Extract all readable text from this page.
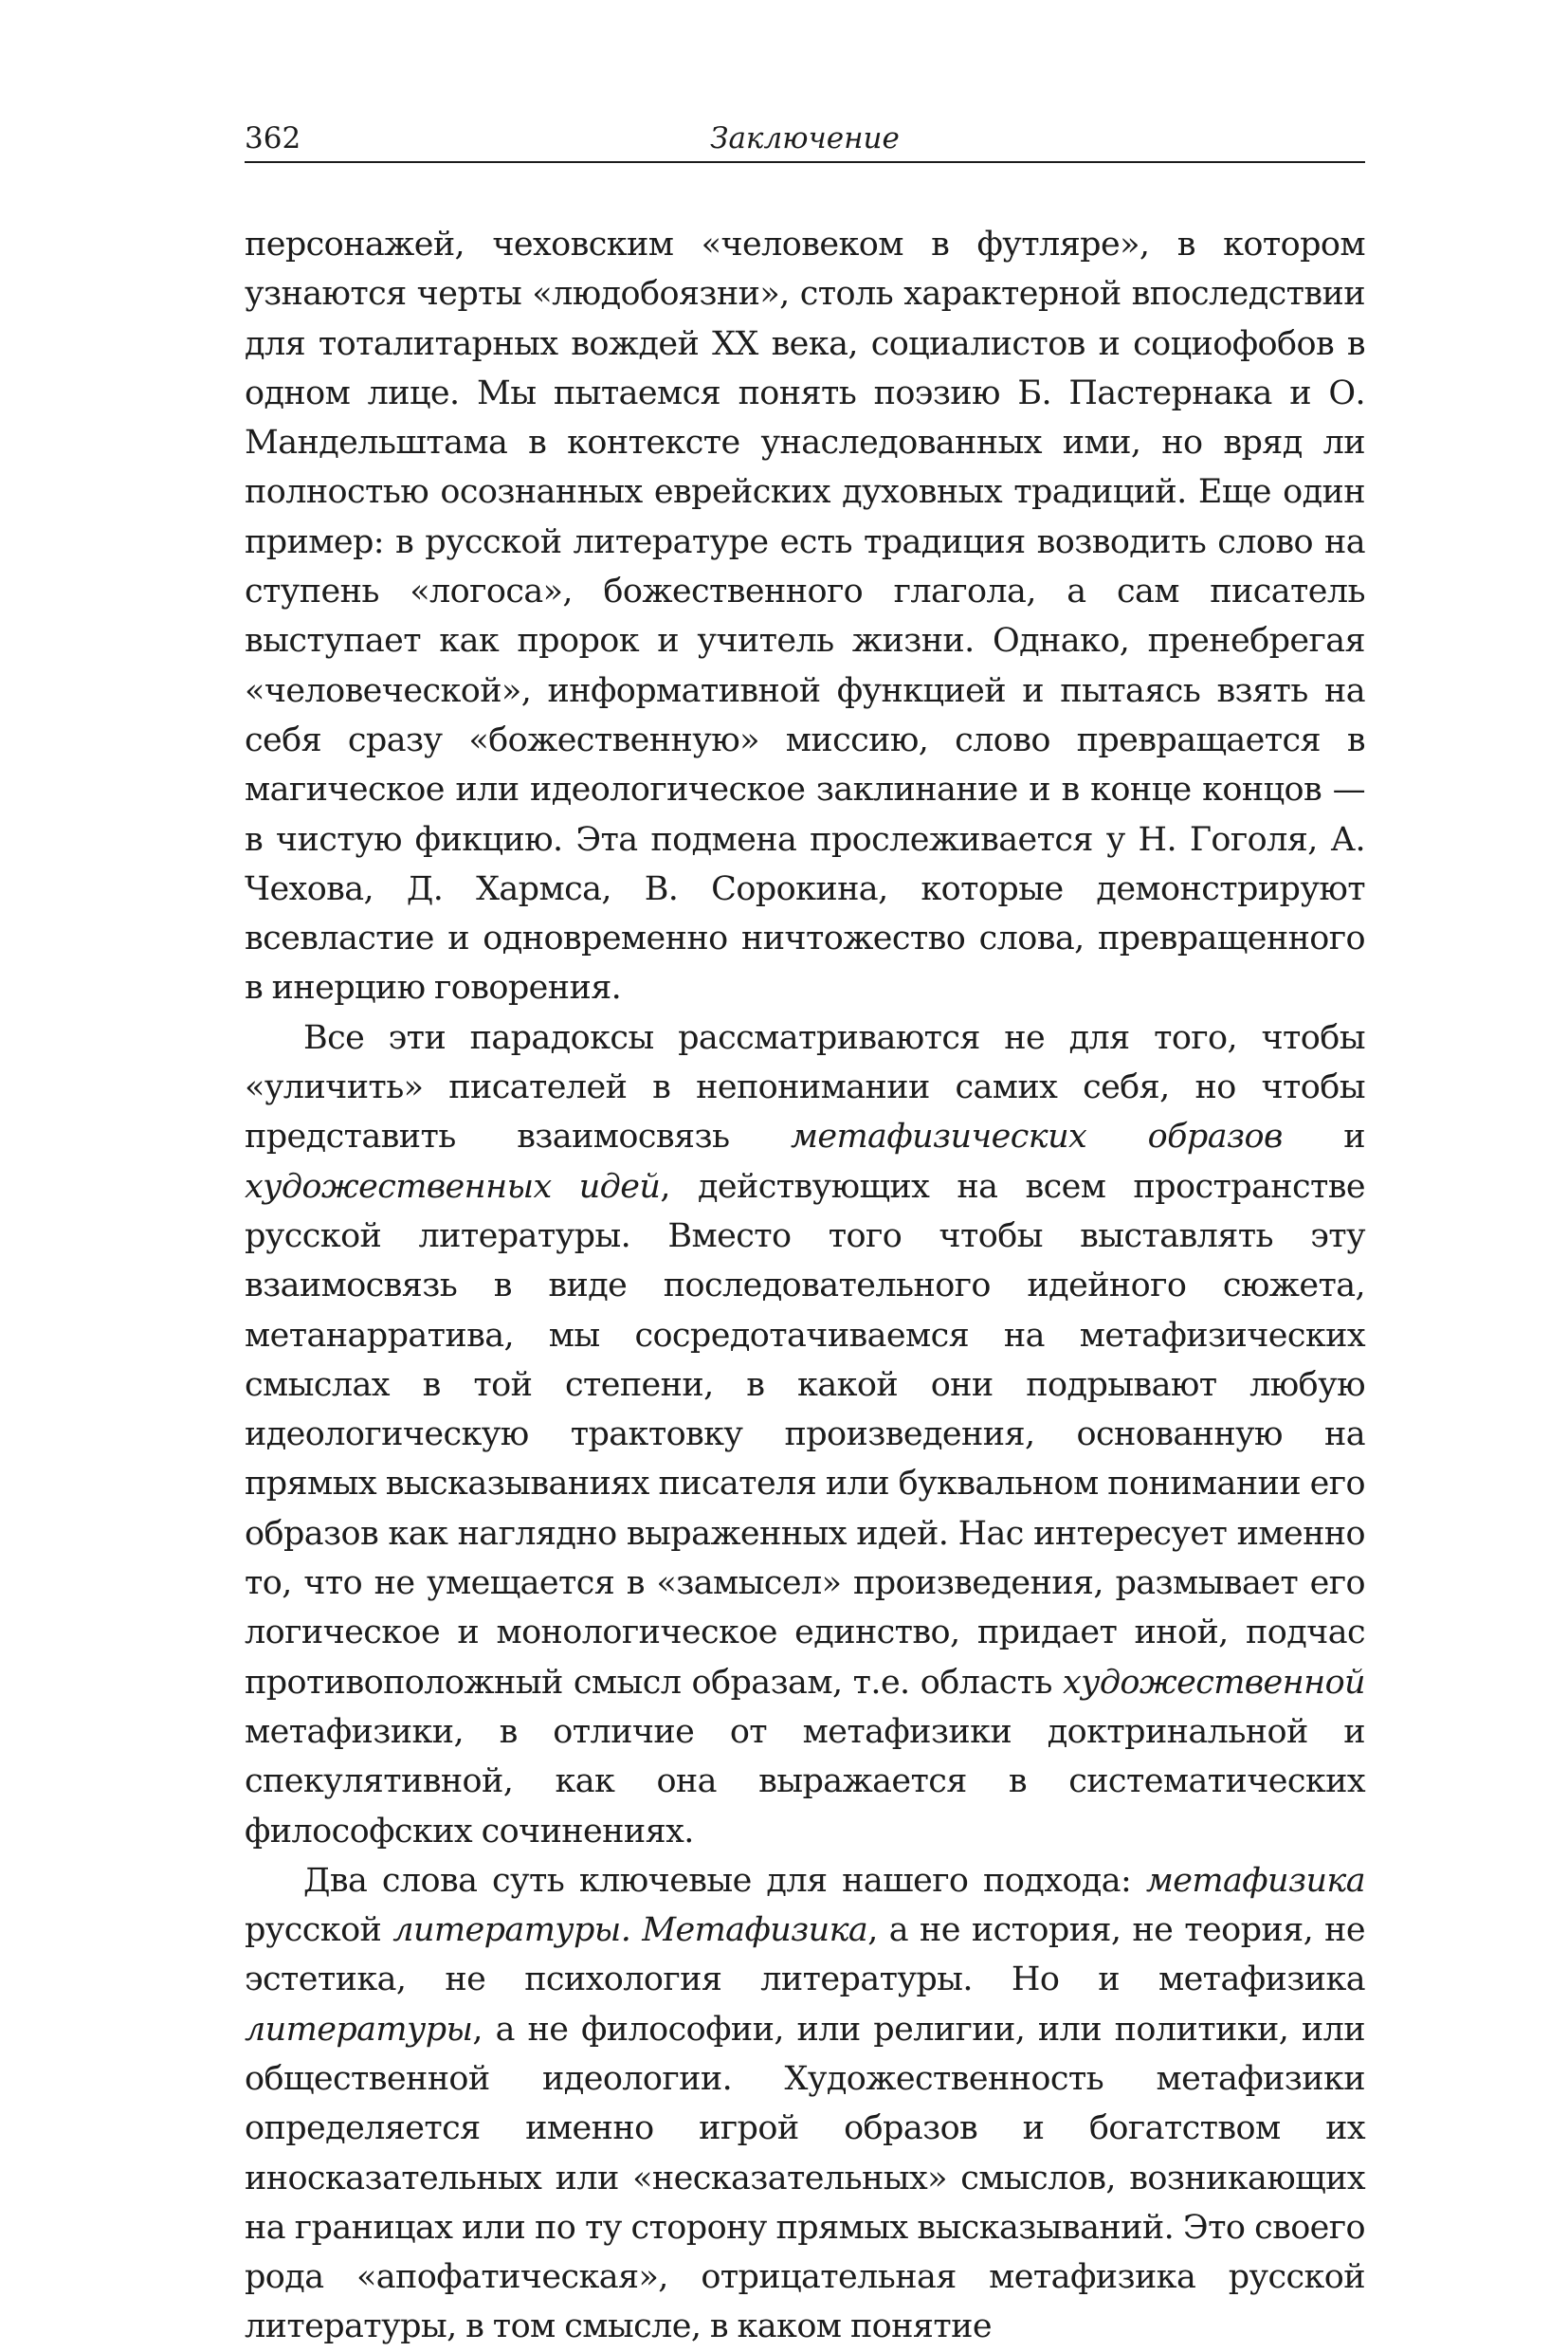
362	Заключение

персонажей, чеховским «человеком в футляре», в котором узнаются черты «людобоязни», столь характерной впоследствии для тоталитарных вождей XX века, социалистов и социофобов в одном лице. Мы пытаемся понять поэзию Б. Пастернака и О. Мандельштама в контексте унаследованных ими, но вряд ли полностью осознанных еврейских духовных традиций. Еще один пример: в русской литературе есть традиция возводить слово на ступень «логоса», божественного глагола, а сам писатель выступает как пророк и учитель жизни. Однако, пренебрегая «человеческой», информативной функцией и пытаясь взять на себя сразу «божественную» миссию, слово превращается в магическое или идеологическое заклинание и в конце концов — в чистую фикцию. Эта подмена прослеживается у Н. Гоголя, А. Чехова, Д. Хармса, В. Сорокина, которые демонстрируют всевластие и одновременно ничтожество слова, превращенного в инерцию говорения.

Все эти парадоксы рассматриваются не для того, чтобы «уличить» писателей в непонимании самих себя, но чтобы представить взаимосвязь метафизических образов и художественных идей, действующих на всем пространстве русской литературы. Вместо того чтобы выставлять эту взаимосвязь в виде последовательного идейного сюжета, метанарратива, мы сосредотачиваемся на метафизических смыслах в той степени, в какой они подрывают любую идеологическую трактовку произведения, основанную на прямых высказываниях писателя или буквальном понимании его образов как наглядно выраженных идей. Нас интересует именно то, что не умещается в «замысел» произведения, размывает его логическое и монологическое единство, придает иной, подчас противоположный смысл образам, т.е. область художественной метафизики, в отличие от метафизики доктринальной и спекулятивной, как она выражается в систематических философских сочинениях.

Два слова суть ключевые для нашего подхода: метафизика русской литературы. Метафизика, а не история, не теория, не эстетика, не психология литературы. Но и метафизика литературы, а не философии, или религии, или политики, или общественной идеологии. Художественность метафизики определяется именно игрой образов и богатством их иносказательных или «несказательных» смыслов, возникающих на границах или по ту сторону прямых высказываний. Это своего рода «апофатическая», отрицательная метафизика русской литературы, в том смысле, в каком понятие
